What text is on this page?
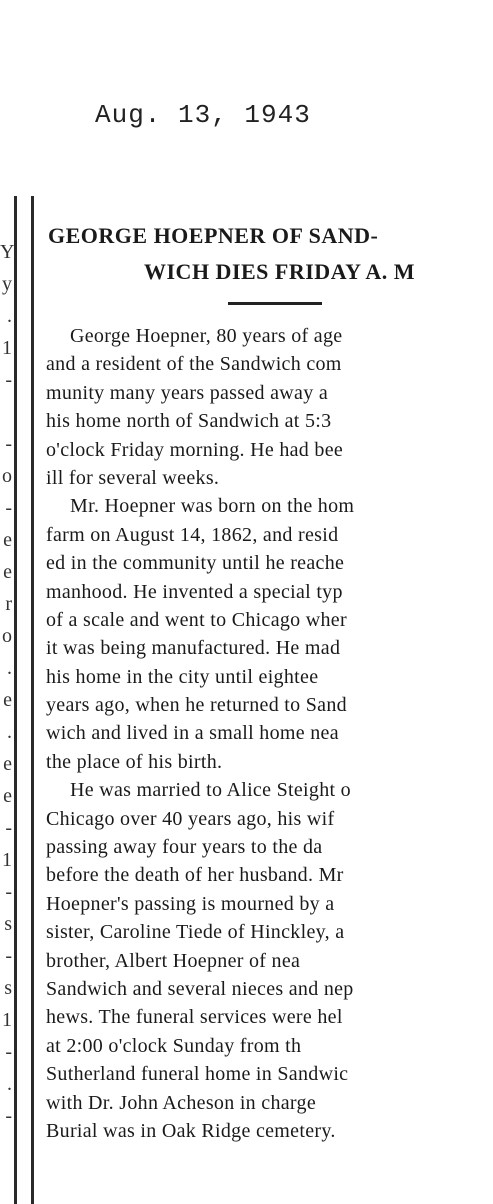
Aug. 13, 1943
Y
y
.
1
-
-
o
-
e
e
r
o
.
e
.
e
e
-
1
-
s
-
s
1
-
.
-
GEORGE HOEPNER OF SAND-
WICH DIES FRIDAY A. M
George Hoepner, 80 years of age
and a resident of the Sandwich com
munity many years passed away a
his home north of Sandwich at 5:3
o'clock Friday morning. He had bee
ill for several weeks.
Mr. Hoepner was born on the hom
farm on August 14, 1862, and resid
ed in the community until he reache
manhood. He invented a special typ
of a scale and went to Chicago wher
it was being manufactured. He mad
his home in the city until eightee
years ago, when he returned to Sand
wich and lived in a small home nea
the place of his birth.
He was married to Alice Steight o
Chicago over 40 years ago, his wif
passing away four years to the da
before the death of her husband. Mr
Hoepner's passing is mourned by a
sister, Caroline Tiede of Hinckley, a
brother, Albert Hoepner of nea
Sandwich and several nieces and nep
hews. The funeral services were hel
at 2:00 o'clock Sunday from th
Sutherland funeral home in Sandwic
with Dr. John Acheson in charge
Burial was in Oak Ridge cemetery.
